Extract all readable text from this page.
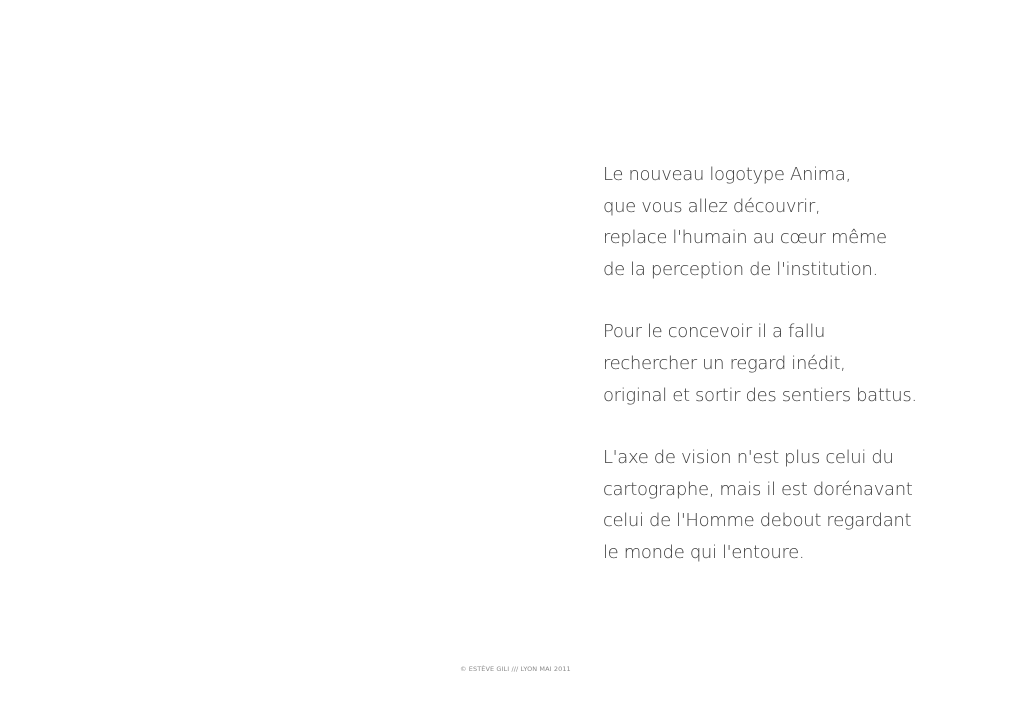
Le nouveau logotype Anima,
que vous allez découvrir,
replace l'humain au cœur même
de la perception de l'institution.

Pour le concevoir il a fallu
rechercher un regard inédit,
original et sortir des sentiers battus.

L'axe de vision n'est plus celui du
cartographe, mais il est dorénavant
celui de l'Homme debout regardant
le monde qui l'entoure.

© ESTÈVE GILI /// LYON MAI 2011
